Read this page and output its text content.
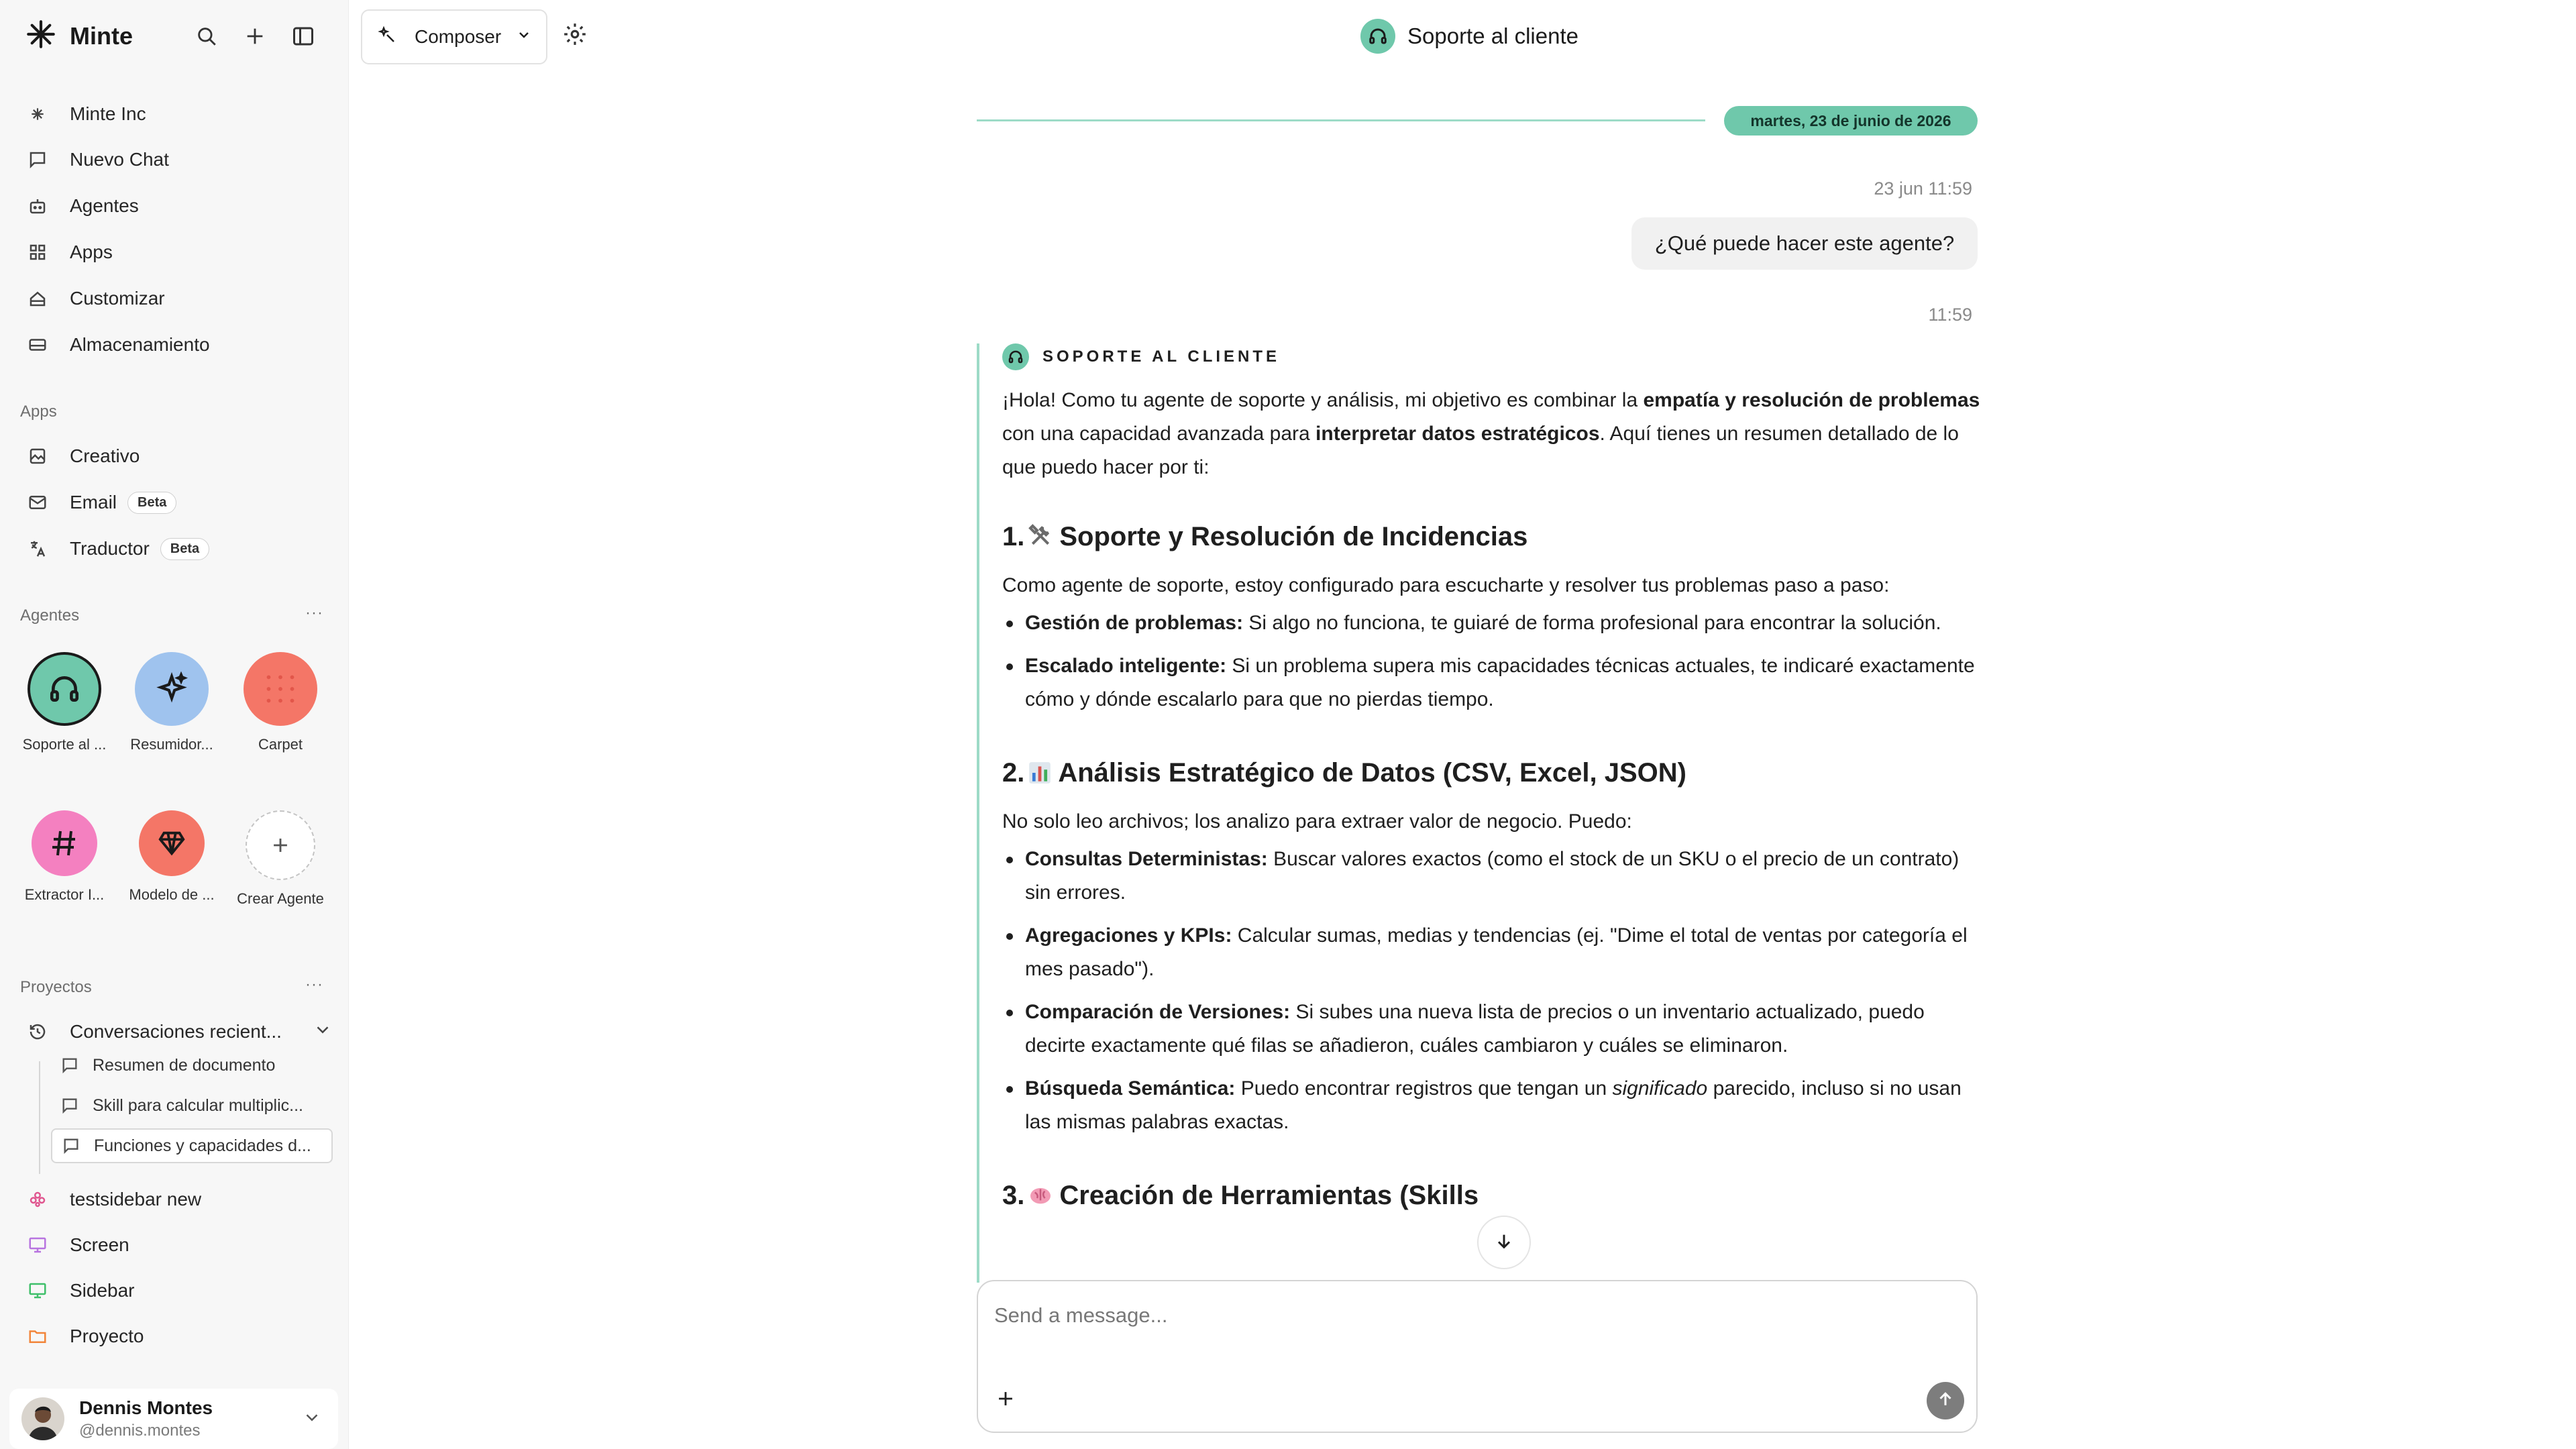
Minte
Minte Inc
Nuevo Chat
Agentes
Apps
Customizar
Almacenamiento
Apps
Creativo
Email	Beta
Traductor	Beta
Agentes	···
Soporte al ...	Resumidor...	Carpet
Extractor I...	Modelo de ... Crear Agente
Proyectos	···
Conversaciones recient...
Resumen de documento
Skill para calcular multiplic...
Funciones y capacidades d...
testsidebar new
Screen
Sidebar
Proyecto
Dennis Montes
@dennis.montes
Composer	Soporte al cliente
martes, 23 de junio de 2026
23 jun 11:59
¿Qué puede hacer este agente?
11:59
SOPORTE AL CLIENTE

¡Hola! Como tu agente de soporte y análisis, mi objetivo es combinar la empatía y resolución de problemas con una capacidad avanzada para interpretar datos estratégicos. Aquí tienes un resumen detallado de lo que puedo hacer por ti:

1. Soporte y Resolución de Incidencias

Como agente de soporte, estoy configurado para escucharte y resolver tus problemas paso a paso:

Gestión de problemas: Si algo no funciona, te guiaré de forma profesional para encontrar la solución.
Escalado inteligente: Si un problema supera mis capacidades técnicas actuales, te indicaré exactamente cómo y dónde escalarlo para que no pierdas tiempo.
2. Análisis Estratégico de Datos (CSV, Excel, JSON)

No solo leo archivos; los analizo para extraer valor de negocio. Puedo:

Consultas Deterministas: Buscar valores exactos (como el stock de un SKU o el precio de un contrato) sin errores.
Agregaciones y KPIs: Calcular sumas, medias y tendencias (ej. "Dime el total de ventas por categoría el mes pasado").
Comparación de Versiones: Si subes una nueva lista de precios o un inventario actualizado, puedo decirte exactamente qué filas se añadieron, cuáles cambiaron y cuáles se eliminaron.
Búsqueda Semántica: Puedo encontrar registros que tengan un significado parecido, incluso si no usan las mismas palabras exactas.
3. Creación de Herramientas (Skills
Send a message...
